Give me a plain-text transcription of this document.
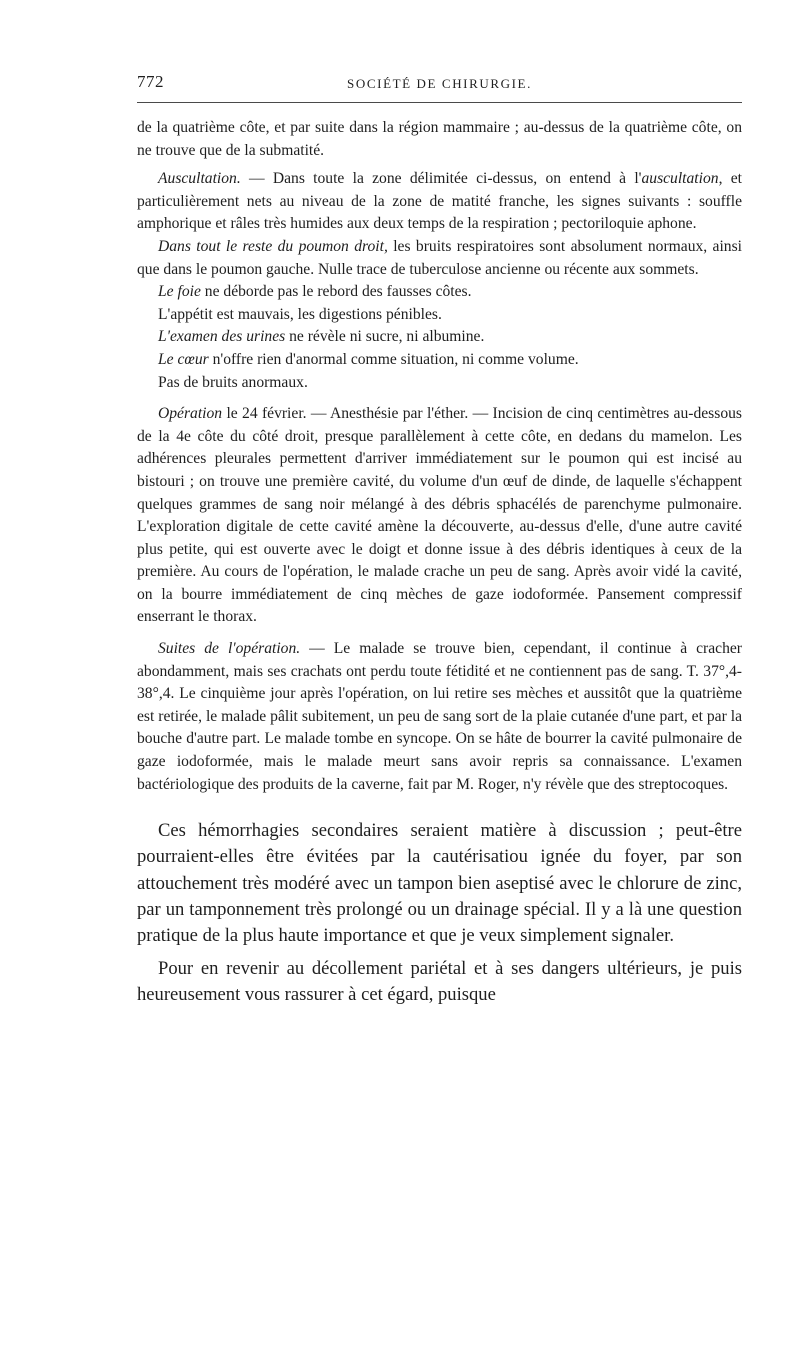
772	SOCIÉTÉ DE CHIRURGIE.

de la quatrième côte, et par suite dans la région mammaire ; au-dessus de la quatrième côte, on ne trouve que de la submatité.

Auscultation. — Dans toute la zone délimitée ci-dessus, on entend à l'auscultation, et particulièrement nets au niveau de la zone de matité franche, les signes suivants : souffle amphorique et râles très humides aux deux temps de la respiration ; pectoriloquie aphone.

Dans tout le reste du poumon droit, les bruits respiratoires sont absolument normaux, ainsi que dans le poumon gauche. Nulle trace de tuberculose ancienne ou récente aux sommets.

Le foie ne déborde pas le rebord des fausses côtes.

L'appétit est mauvais, les digestions pénibles.

L'examen des urines ne révèle ni sucre, ni albumine.

Le cœur n'offre rien d'anormal comme situation, ni comme volume.

Pas de bruits anormaux.

Opération le 24 février. — Anesthésie par l'éther. — Incision de cinq centimètres au-dessous de la 4e côte du côté droit, presque parallèlement à cette côte, en dedans du mamelon. Les adhérences pleurales permettent d'arriver immédiatement sur le poumon qui est incisé au bistouri ; on trouve une première cavité, du volume d'un œuf de dinde, de laquelle s'échappent quelques grammes de sang noir mélangé à des débris sphacélés de parenchyme pulmonaire. L'exploration digitale de cette cavité amène la découverte, au-dessus d'elle, d'une autre cavité plus petite, qui est ouverte avec le doigt et donne issue à des débris identiques à ceux de la première. Au cours de l'opération, le malade crache un peu de sang. Après avoir vidé la cavité, on la bourre immédiatement de cinq mèches de gaze iodoformée. Pansement compressif enserrant le thorax.

Suites de l'opération. — Le malade se trouve bien, cependant, il continue à cracher abondamment, mais ses crachats ont perdu toute fétidité et ne contiennent pas de sang. T. 37°,4-38°,4. Le cinquième jour après l'opération, on lui retire ses mèches et aussitôt que la quatrième est retirée, le malade pâlit subitement, un peu de sang sort de la plaie cutanée d'une part, et par la bouche d'autre part. Le malade tombe en syncope. On se hâte de bourrer la cavité pulmonaire de gaze iodoformée, mais le malade meurt sans avoir repris sa connaissance. L'examen bactériologique des produits de la caverne, fait par M. Roger, n'y révèle que des streptocoques.

Ces hémorrhagies secondaires seraient matière à discussion ; peut-être pourraient-elles être évitées par la cautérisatiou ignée du foyer, par son attouchement très modéré avec un tampon bien aseptisé avec le chlorure de zinc, par un tamponnement très prolongé ou un drainage spécial. Il y a là une question pratique de la plus haute importance et que je veux simplement signaler.

Pour en revenir au décollement pariétal et à ses dangers ultérieurs, je puis heureusement vous rassurer à cet égard, puisque
